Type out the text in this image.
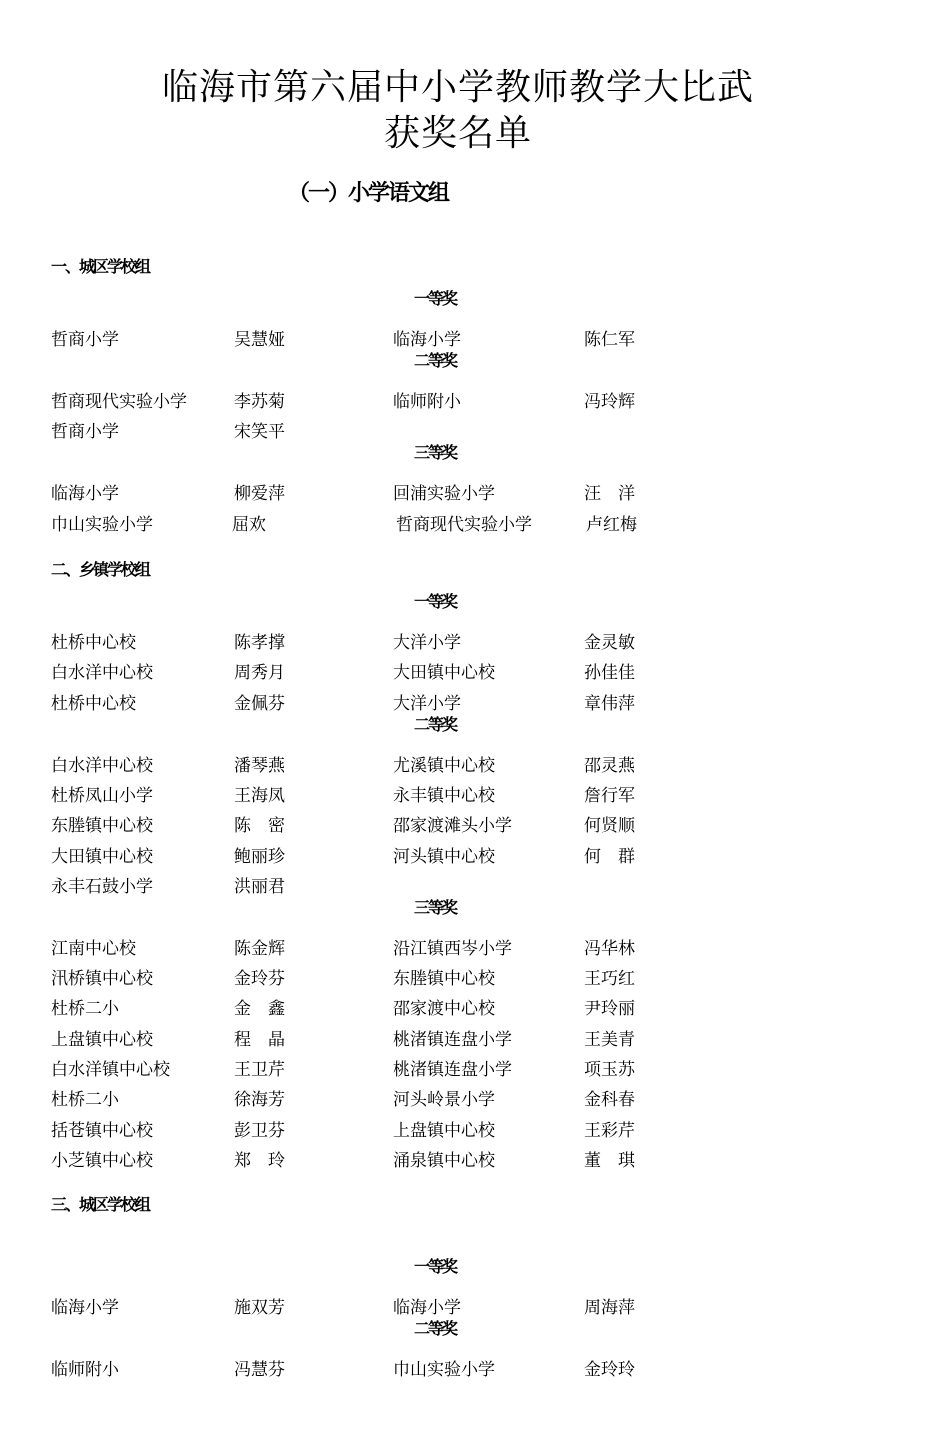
临海市第六届中小学教师教学大比武
获奖名单
（一）小学语文组
一、城区学校组
一等奖
哲商小学	吴慧娅	临海小学	陈仁军
二等奖
哲商现代实验小学	李苏菊	临师附小	冯玲辉
哲商小学	宋笑平
三等奖
临海小学	柳爱萍	回浦实验小学	汪　洋
巾山实验小学	屈欢	哲商现代实验小学	卢红梅
二、乡镇学校组
一等奖
杜桥中心校	陈孝撑	大洋小学	金灵敏
白水洋中心校	周秀月	大田镇中心校	孙佳佳
杜桥中心校	金佩芬	大洋小学	章伟萍
二等奖
白水洋中心校	潘琴燕	尤溪镇中心校	邵灵燕
杜桥凤山小学	王海凤	永丰镇中心校	詹行军
东塍镇中心校	陈　密	邵家渡滩头小学	何贤顺
大田镇中心校	鲍丽珍	河头镇中心校	何　群
永丰石鼓小学	洪丽君
三等奖
江南中心校	陈金辉	沿江镇西岑小学	冯华林
汛桥镇中心校	金玲芬	东塍镇中心校	王巧红
杜桥二小	金　鑫	邵家渡中心校	尹玲丽
上盘镇中心校	程　晶	桃渚镇连盘小学	王美青
白水洋镇中心校	王卫芹	桃渚镇连盘小学	项玉苏
杜桥二小	徐海芳	河头岭景小学	金科春
括苍镇中心校	彭卫芬	上盘镇中心校	王彩芹
小芝镇中心校	郑　玲	涌泉镇中心校	董　琪
三、城区学校组
一等奖
临海小学	施双芳	临海小学	周海萍
二等奖
临师附小	冯慧芬	巾山实验小学	金玲玲
